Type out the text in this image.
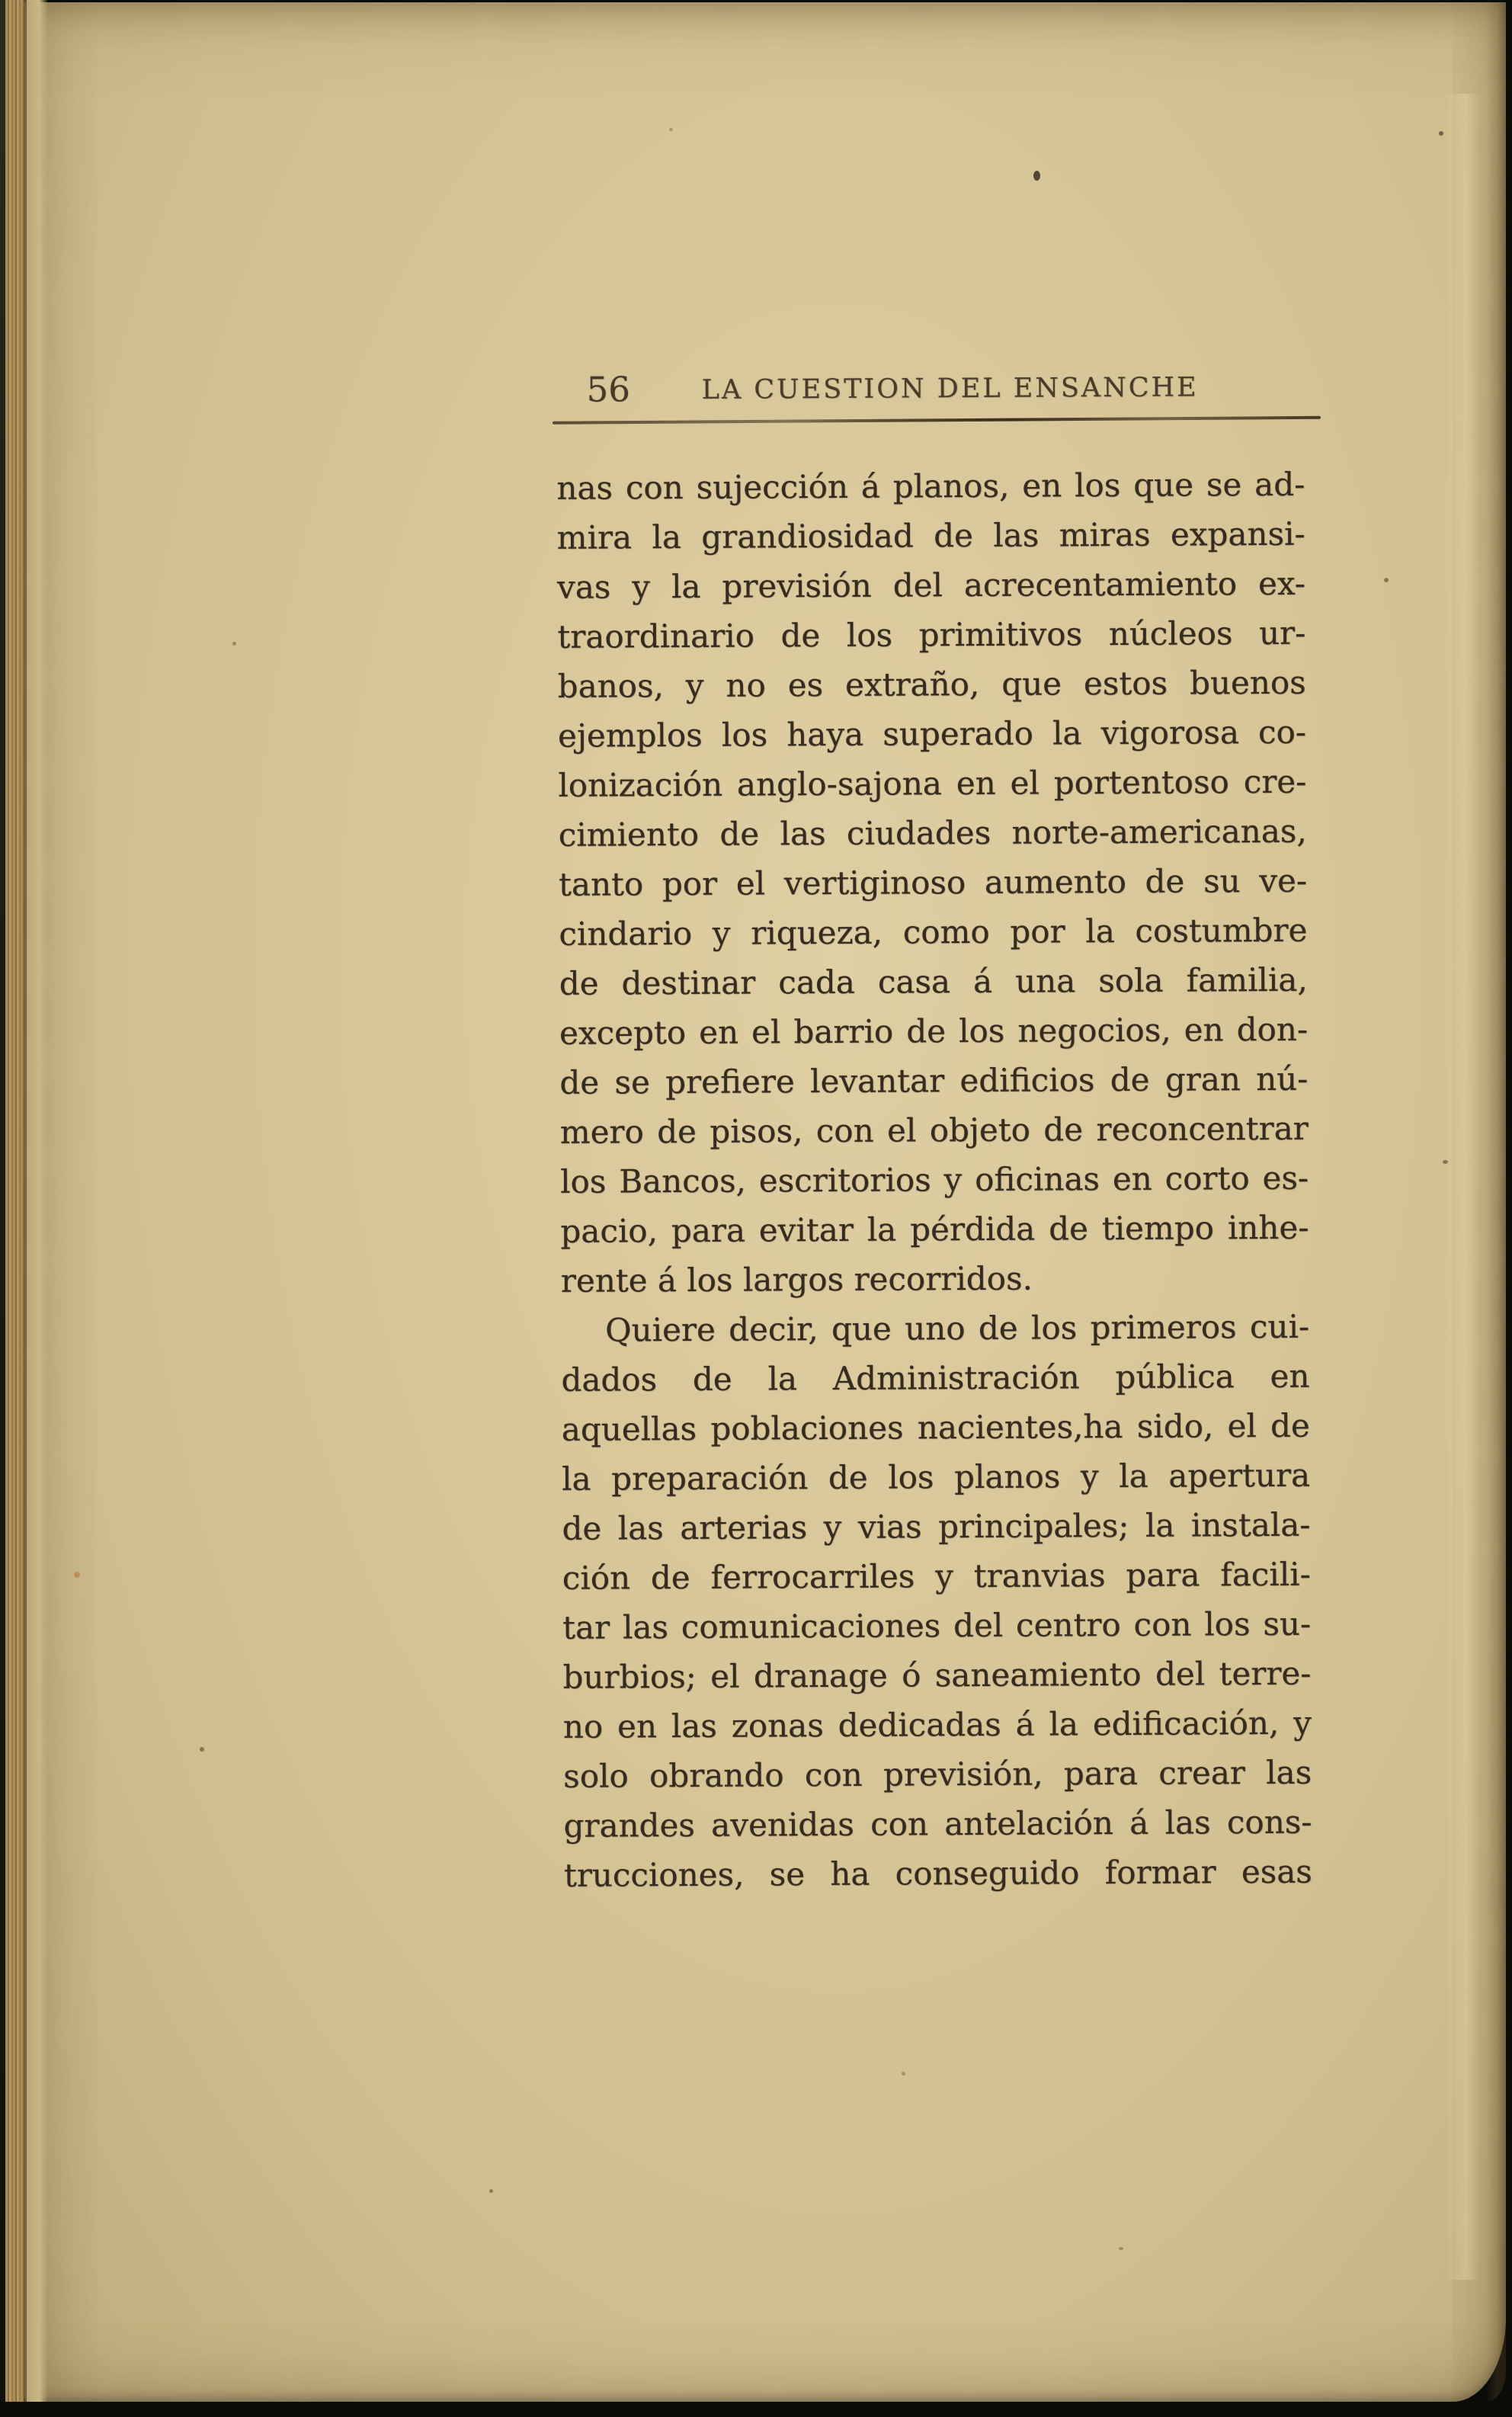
56	LA CUESTION DEL ENSANCHE
nas con sujección á planos, en los que se ad-
mira la grandiosidad de las miras expansi-
vas y la previsión del acrecentamiento ex-
traordinario de los primitivos núcleos ur-
banos, y no es extraño, que estos buenos
ejemplos los haya superado la vigorosa co-
lonización anglo-sajona en el portentoso cre-
cimiento de las ciudades norte-americanas,
tanto por el vertiginoso aumento de su ve-
cindario y riqueza, como por la costumbre
de destinar cada casa á una sola familia,
excepto en el barrio de los negocios, en don-
de se prefiere levantar edificios de gran nú-
mero de pisos, con el objeto de reconcentrar
los Bancos, escritorios y oficinas en corto es-
pacio, para evitar la pérdida de tiempo inhe-
rente á los largos recorridos.
Quiere decir, que uno de los primeros cui-
dados de la Administración pública en
aquellas poblaciones nacientes,ha sido, el de
la preparación de los planos y la apertura
de las arterias y vias principales; la instala-
ción de ferrocarriles y tranvias para facili-
tar las comunicaciones del centro con los su-
burbios; el dranage ó saneamiento del terre-
no en las zonas dedicadas á la edificación, y
solo obrando con previsión, para crear las
grandes avenidas con antelación á las cons-
trucciones, se ha conseguido formar esas
